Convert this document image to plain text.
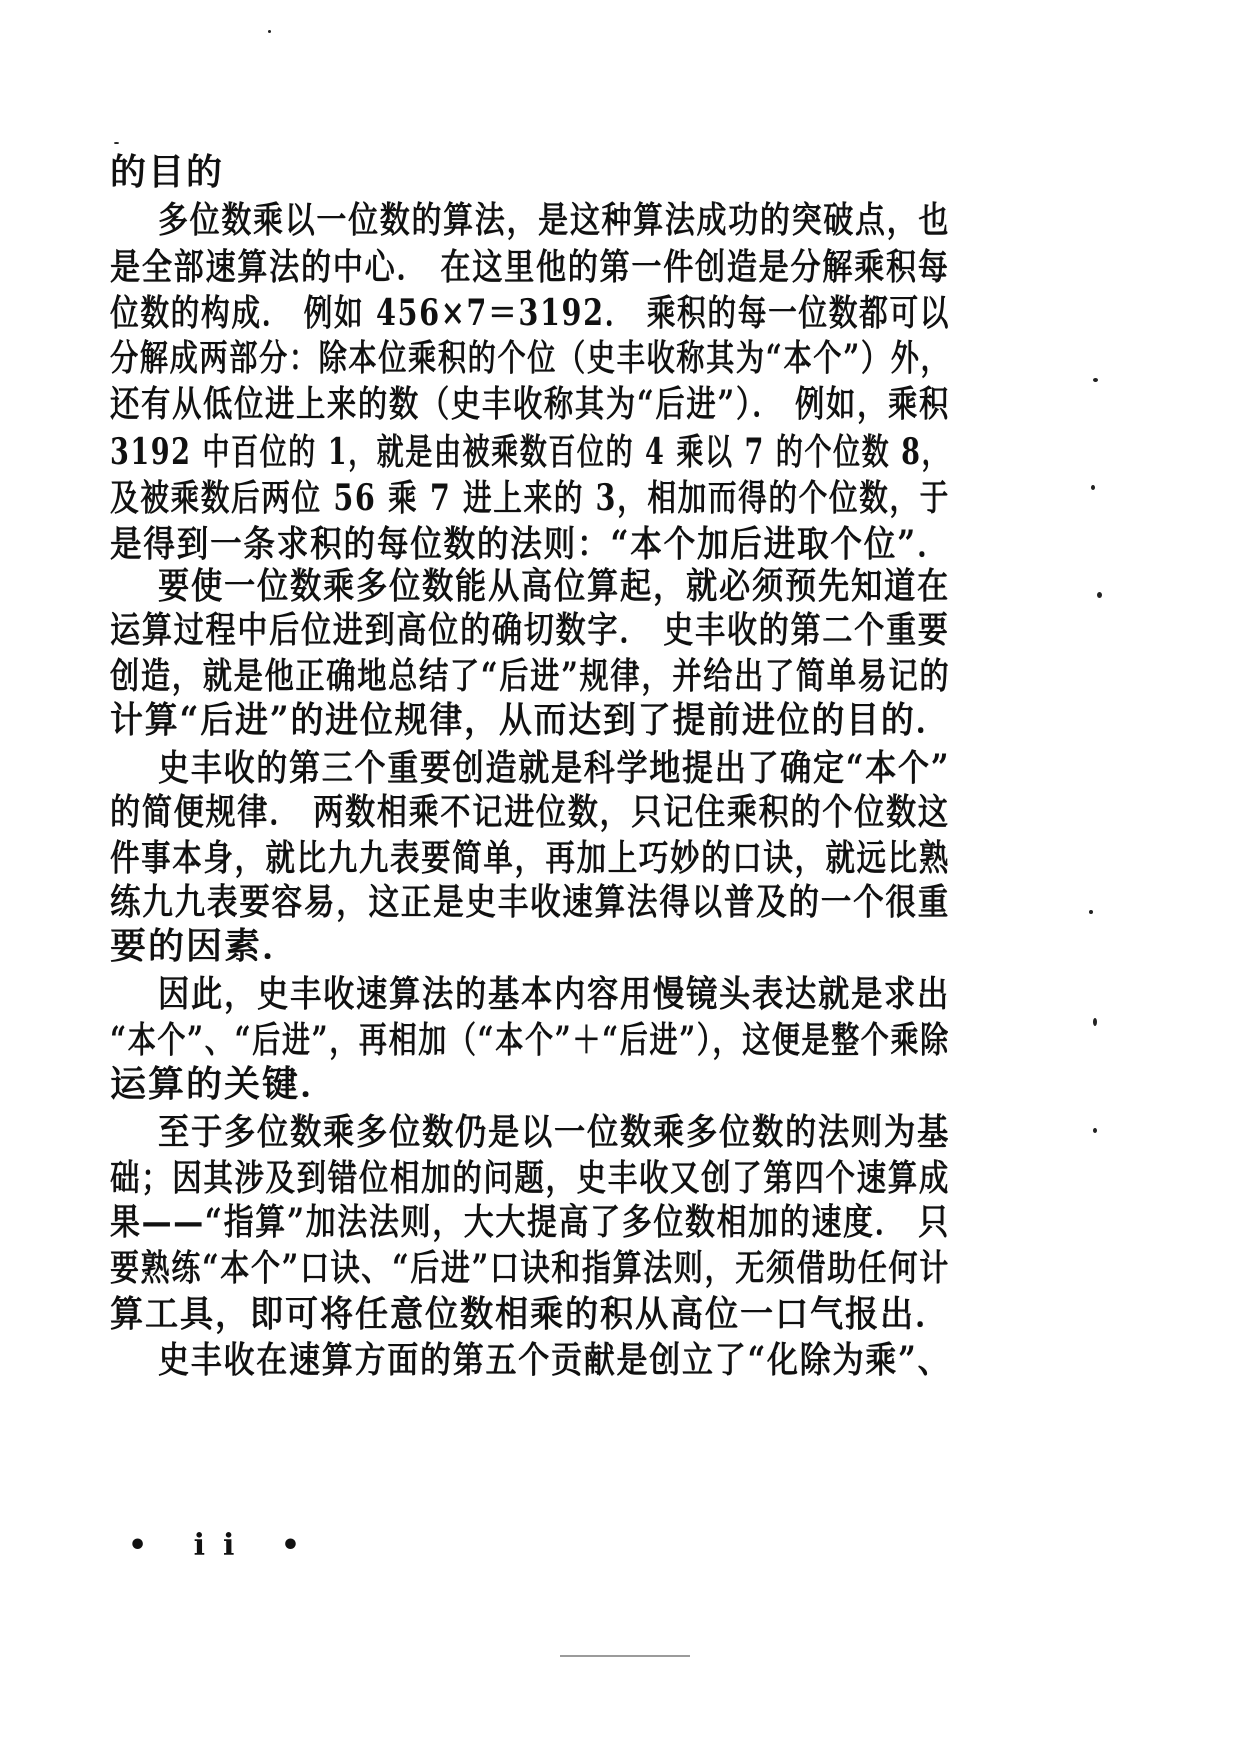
的目的
多位数乘以一位数的算法，是这种算法成功的突破点，也
是全部速算法的中心． 在这里他的第一件创造是分解乘积每
位数的构成． 例如 456×7＝3192． 乘积的每一位数都可以
分解成两部分：除本位乘积的个位（史丰收称其为“本个”）外，
还有从低位进上来的数（史丰收称其为“后进”）． 例如，乘积
3192 中百位的 1，就是由被乘数百位的 4 乘以 7 的个位数 8，
及被乘数后两位 56 乘 7 进上来的 3，相加而得的个位数，于
是得到一条求积的每位数的法则：“本个加后进取个位”．
要使一位数乘多位数能从高位算起，就必须预先知道在
运算过程中后位进到高位的确切数字． 史丰收的第二个重要
创造，就是他正确地总结了“后进”规律，并给出了简单易记的
计算“后进”的进位规律，从而达到了提前进位的目的．
史丰收的第三个重要创造就是科学地提出了确定“本个”
的简便规律． 两数相乘不记进位数，只记住乘积的个位数这
件事本身，就比九九表要简单，再加上巧妙的口诀，就远比熟
练九九表要容易，这正是史丰收速算法得以普及的一个很重
要的因素．
因此，史丰收速算法的基本内容用慢镜头表达就是求出
“本个”、“后进”，再相加（“本个”＋“后进”），这便是整个乘除
运算的关键．
至于多位数乘多位数仍是以一位数乘多位数的法则为基
础；因其涉及到错位相加的问题，史丰收又创了第四个速算成
果——“指算”加法法则，大大提高了多位数相加的速度． 只
要熟练“本个”口诀、“后进”口诀和指算法则，无须借助任何计
算工具，即可将任意位数相乘的积从高位一口气报出．
史丰收在速算方面的第五个贡献是创立了“化除为乘”、
• ii •
